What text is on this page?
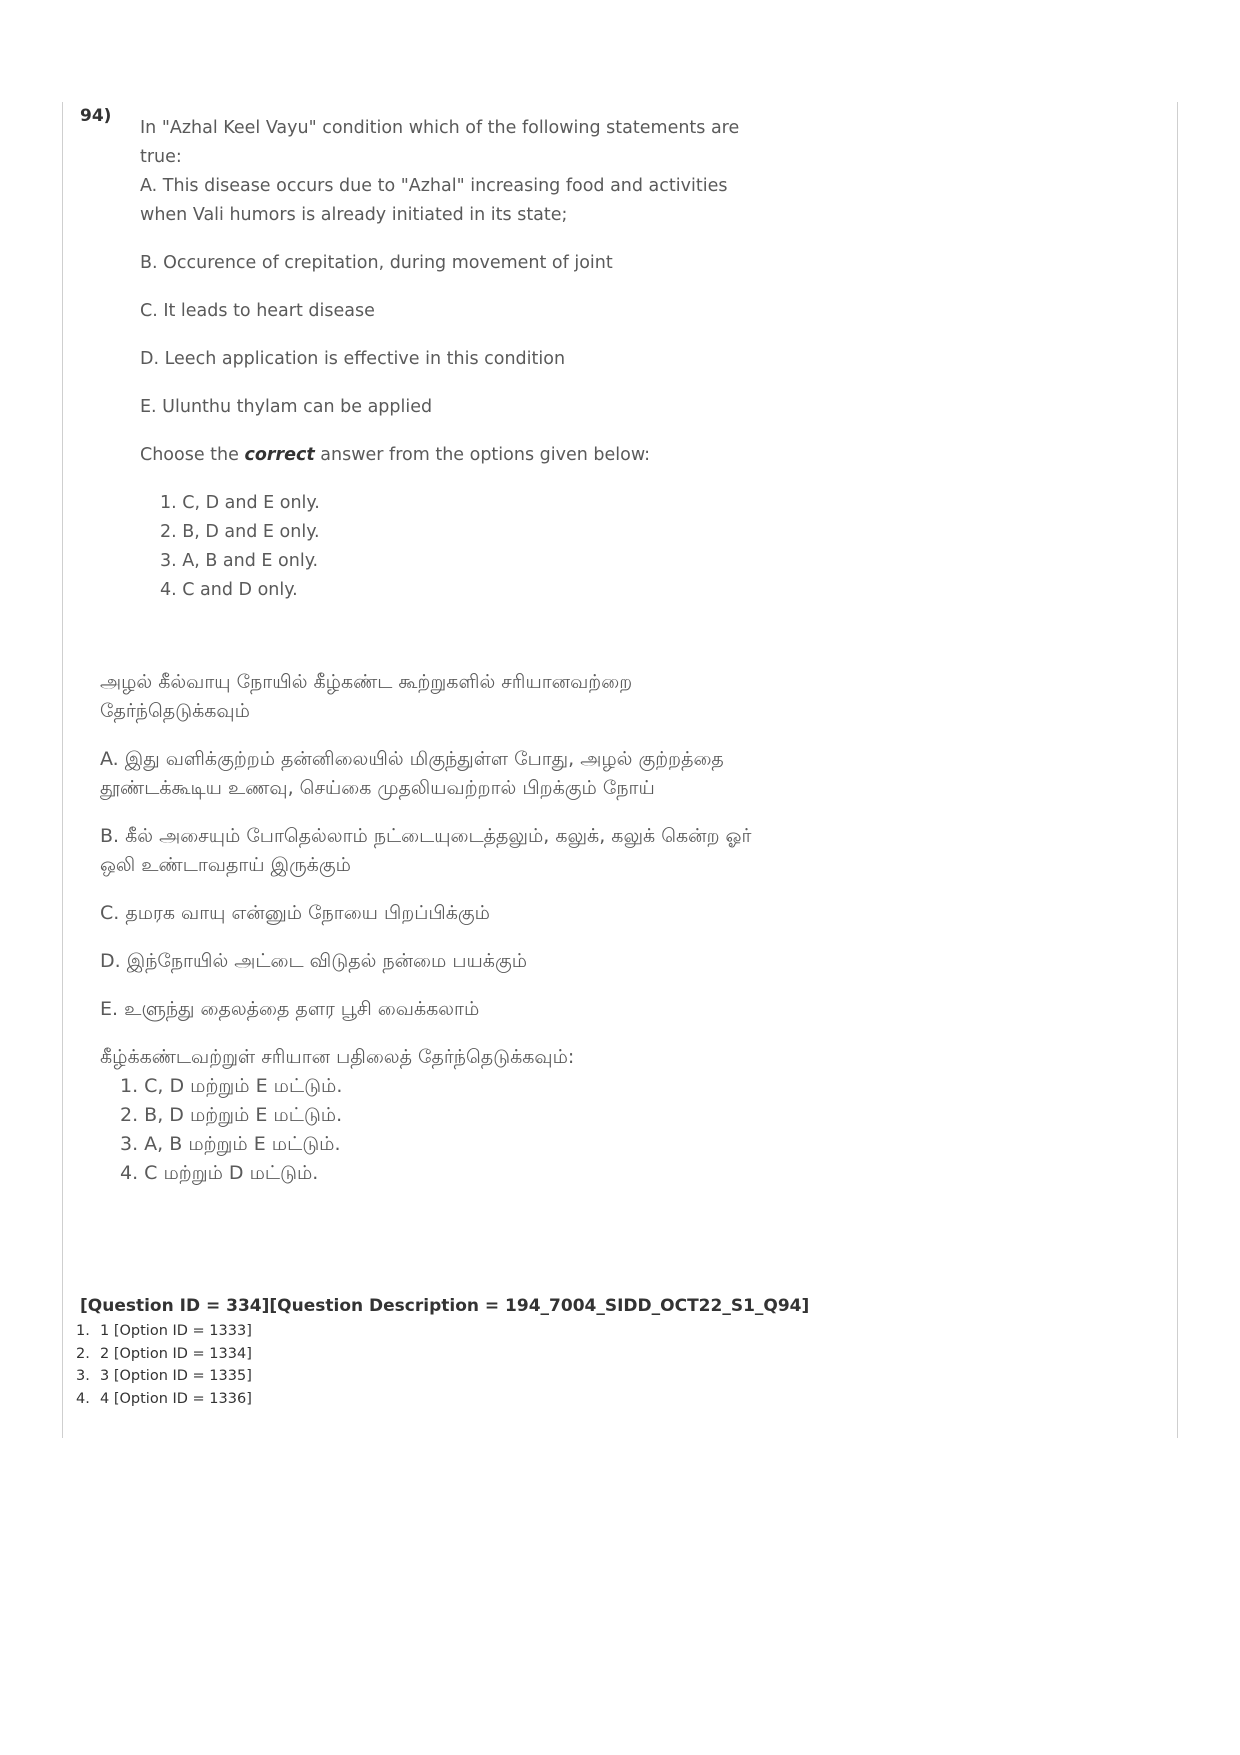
94)

In "Azhal Keel Vayu" condition which of the following statements are true:
A. This disease occurs due to "Azhal" increasing food and activities when Vali humors is already initiated in its state;

B. Occurence of crepitation, during movement of joint

C. It leads to heart disease

D. Leech application is effective in this condition

E. Ulunthu thylam can be applied

Choose the correct answer from the options given below:

1. C, D and E only.
2. B, D and E only.
3. A, B and E only.
4. C and D only.

அழல் கீல்வாயு நோயில் கீழ்கண்ட கூற்றுகளில் சரியானவற்றை தேர்ந்தெடுக்கவும்

A. இது வளிக்குற்றம் தன்னிலையில் மிகுந்துள்ள போது, அழல் குற்றத்தை தூண்டக்கூடிய உணவு, செய்கை முதலியவற்றால் பிறக்கும் நோய்

B. கீல் அசையும் போதெல்லாம் நட்டையுடைத்தலும், கலுக், கலுக் கென்ற ஓர் ஒலி உண்டாவதாய் இருக்கும்

C. தமரக வாயு என்னும் நோயை பிறப்பிக்கும்

D. இந்நோயில் அட்டை விடுதல் நன்மை பயக்கும்

E. உளுந்து தைலத்தை தளர பூசி வைக்கலாம்

கீழ்க்கண்டவற்றுள் சரியான பதிலைத் தேர்ந்தெடுக்கவும்:

1. C, D மற்றும் E மட்டும்.
2. B, D மற்றும் E மட்டும்.
3. A, B மற்றும் E மட்டும்.
4. C மற்றும் D மட்டும்.
[Question ID = 334][Question Description = 194_7004_SIDD_OCT22_S1_Q94]
1. 1 [Option ID = 1333]
2. 2 [Option ID = 1334]
3. 3 [Option ID = 1335]
4. 4 [Option ID = 1336]
